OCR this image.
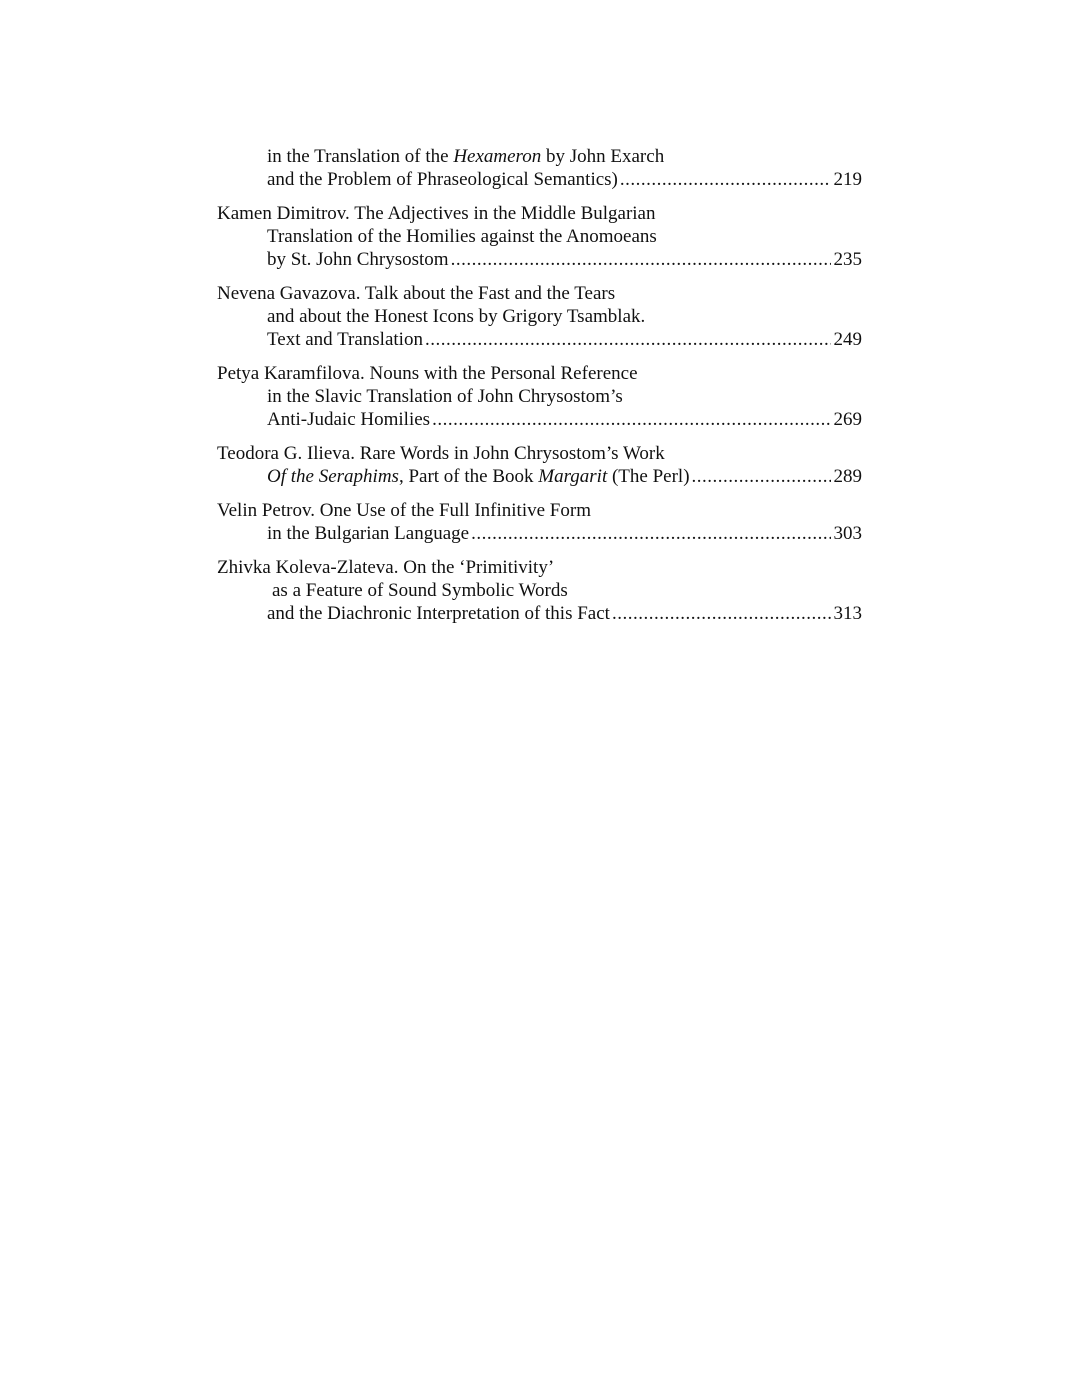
in the Translation of the Hexameron by John Exarch
and the Problem of Phraseological Semantics) .....	219
Kamen Dimitrov. The Adjectives in the Middle Bulgarian
Translation of the Homilies against the Anomoeans
by St. John Chrysostom .....	235
Nevena Gavazova. Talk about the Fast and the Tears
and about the Honest Icons by Grigory Tsamblak.
Text and Translation .....	249
Petya Karamfilova. Nouns with the Personal Reference
in the Slavic Translation of John Chrysostom’s
Anti-Judaic Homilies .....	269
Teodora G. Ilieva. Rare Words in John Chrysostom’s Work
Of the Seraphims, Part of the Book Margarit (The Perl) .....	289
Velin Petrov. One Use of the Full Infinitive Form
in the Bulgarian Language .....	303
Zhivka Koleva-Zlateva. On the ‘Primitivity’
as a Feature of Sound Symbolic Words
and the Diachronic Interpretation of this Fact .....	313
